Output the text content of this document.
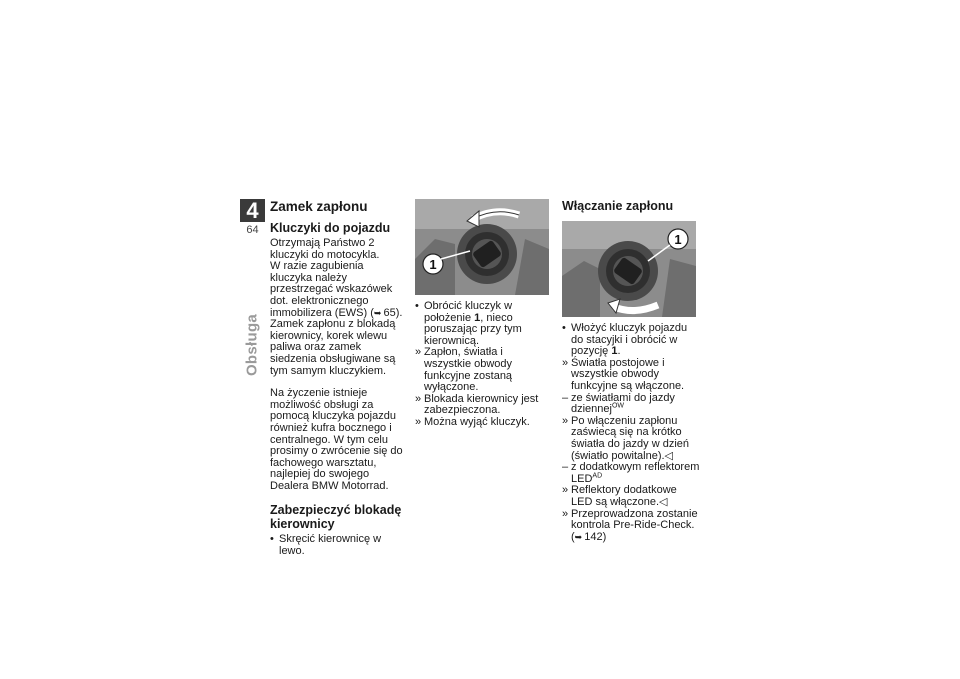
4
64
Obsługa
Zamek zapłonu
Kluczyki do pojazdu

Otrzymają Państwo 2 kluczyki do motocykla.

W razie zagubienia kluczyka należy przestrzegać wskazówek dot. elektronicznego immobilizera (EWS) ( ➥ 65).

Zamek zapłonu z blokadą kierownicy, korek wlewu paliwa oraz zamek siedzenia obsługiwane są tym samym kluczykiem.

Na życzenie istnieje możliwość obsługi za pomocą kluczyka pojazdu również kufra bocznego i centralnego. W tym celu prosimy o zwrócenie się do fachowego warsztatu, najlepiej do swojego Dealera BMW Motorrad.

Zabezpieczyć blokadę kierownicy
• Skręcić kierownicę w lewo.
1
• Obrócić kluczyk w położenie 1, nieco poruszając przy tym kierownicą.
» Zapłon, światła i wszystkie obwody funkcyjne zostaną wyłączone.
» Blokada kierownicy jest zabezpieczona.
» Można wyjąć kluczyk.
Włączanie zapłonu
1
• Włożyć kluczyk pojazdu do stacyjki i obrócić w pozycję 1.
» Światła postojowe i wszystkie obwody funkcyjne są włączone.
– ze światłami do jazdy dziennej$^{OW}$
» Po włączeniu zapłonu zaświecą się na krótko światła do jazdy w dzień (światło powitalne).◁
– z dodatkowym reflektorem $LED^{AD}$
» Reflektory dodatkowe LED są włączone.◁
» Przeprowadzona zostanie kontrola Pre-Ride-Check. ( ➥ 142)
